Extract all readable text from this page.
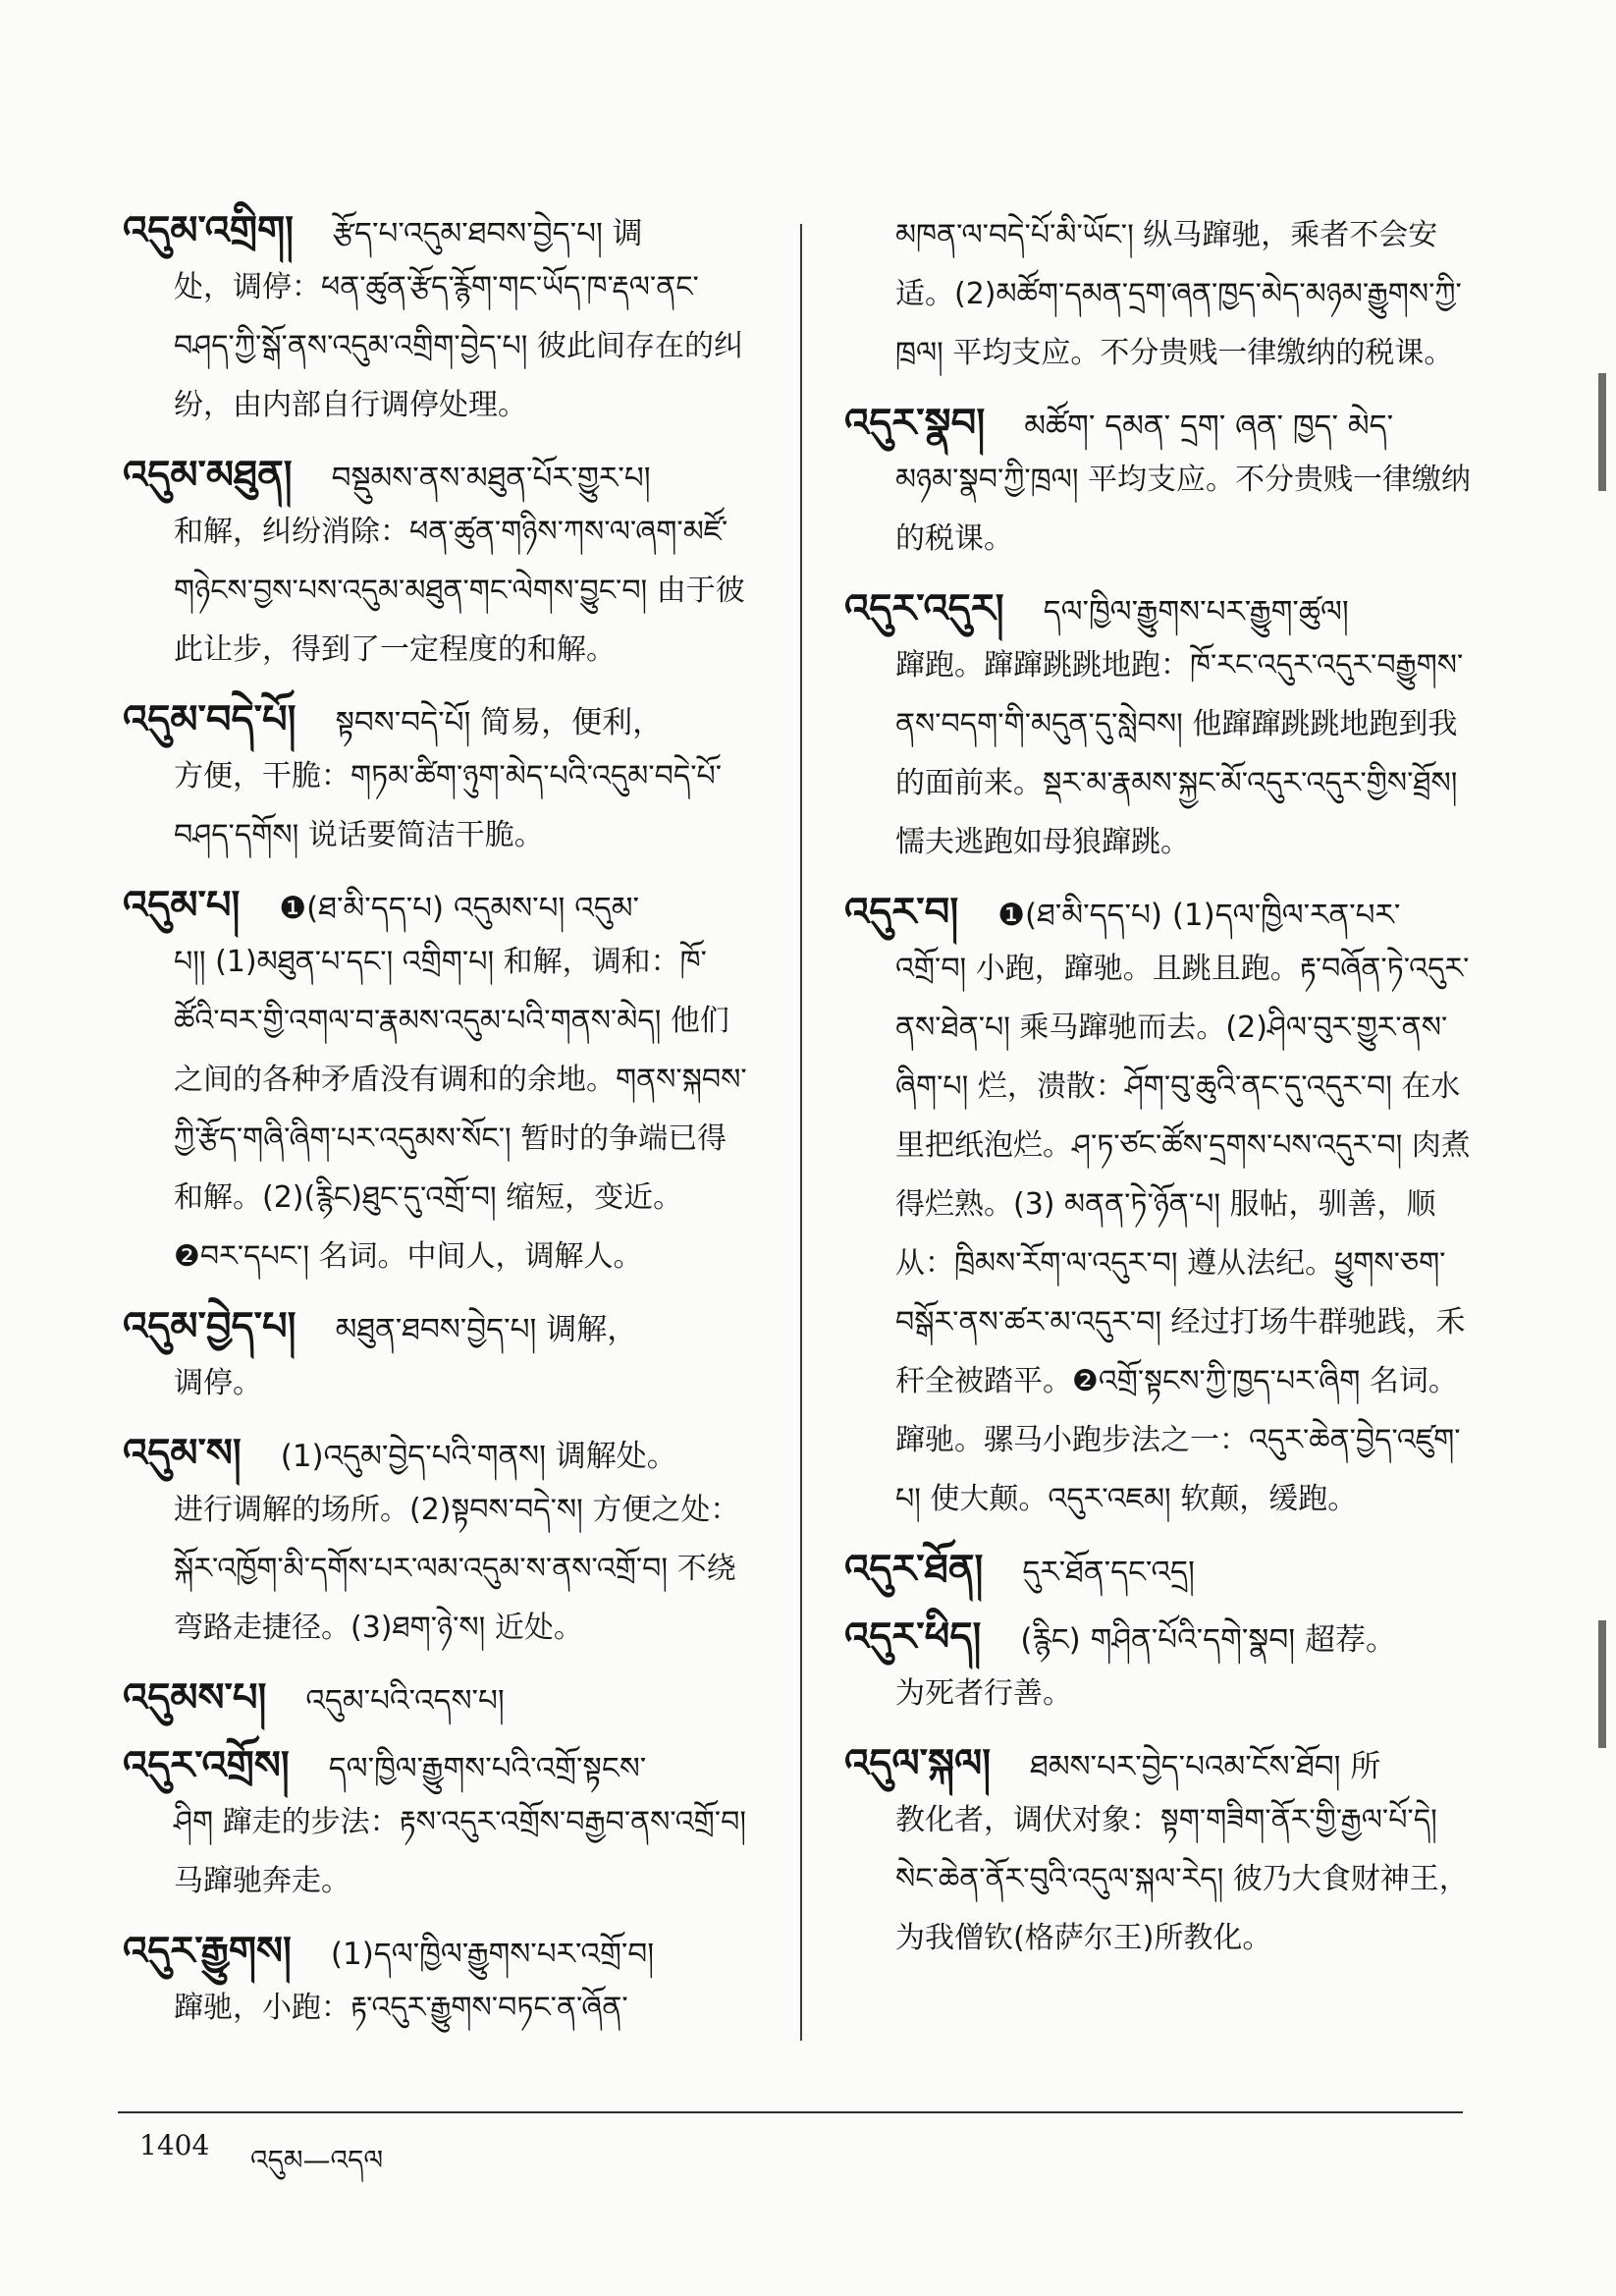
འདུམ་འགྲིག། རྩོད་པ་འདུམ་ཐབས་བྱེད་པ། 调
处，调停：ཕན་ཚུན་རྩོད་རྙོག་གང་ཡོད་ཁ་རྡལ་ནང་བཤད་ཀྱི་སྒོ་ནས་འདུམ་འགྲིག་བྱེད་པ། 彼此间存在的纠纷，由内部自行调停处理。
འདུམ་མཐུན། བསྡུམས་ནས་མཐུན་པོར་གྱུར་པ།
和解，纠纷消除：ཕན་ཚུན་གཉིས་ཀས་ལ་ཞག་མཛོ་གཉེངས་བྱས་པས་འདུམ་མཐུན་གང་ལེགས་བྱུང་བ། 由于彼此让步，得到了一定程度的和解。
འདུམ་བདེ་པོ། སྟབས་བདེ་པོ། 简易，便利，
方便，干脆：གཏམ་ཚིག་ཉུག་མེད་པའི་འདུམ་བདེ་པོ་བཤད་དགོས། 说话要简洁干脆。
འདུམ་པ། ❶(ཐ་མི་དད་པ) འདུམས་པ། འདུམ་
པ།། (1)མཐུན་པ་དང་། འགྲིག་པ། 和解，调和：ཁོ་ཚོའི་བར་གྱི་འགལ་བ་རྣམས་འདུམ་པའི་གནས་མེད། 他们之间的各种矛盾没有调和的余地。གནས་སྐབས་ཀྱི་རྩོད་གཞི་ཞིག་པར་འདུམས་སོང་། 暂时的争端已得和解。(2)(རྙིང)ཐུང་དུ་འགྲོ་བ། 缩短，变近。❷བར་དཔང་། 名词。中间人，调解人。
འདུམ་བྱེད་པ། མཐུན་ཐབས་བྱེད་པ། 调解，
调停。
འདུམ་ས། (1)འདུམ་བྱེད་པའི་གནས། 调解处。
进行调解的场所。(2)སྟབས་བདེ་ས། 方便之处：སྐོར་འཁྱོག་མི་དགོས་པར་ལམ་འདུམ་ས་ནས་འགྲོ་བ། 不绕弯路走捷径。(3)ཐག་ཉེ་ས། 近处。
འདུམས་པ། འདུམ་པའི་འདས་པ།
འདུར་འགྲོས། དལ་ཁྱིལ་རྒྱུགས་པའི་འགྲོ་སྟངས་
ཤིག 蹿走的步法：རྟས་འདུར་འགྲོས་བརྒྱབ་ནས་འགྲོ་བ། 马蹿驰奔走。
འདུར་རྒྱུགས། (1)དལ་ཁྱིལ་རྒྱུགས་པར་འགྲོ་བ།
蹿驰，小跑：རྟ་འདུར་རྒྱུགས་བཏང་ན་ཞོན་
མཁན་ལ་བདེ་པོ་མི་ཡོང་། 纵马蹿驰，乘者不会安适。(2)མཚོག་དམན་དྲག་ཞན་ཁྱད་མེད་མཉམ་རྒྱུགས་ཀྱི་ཁྲལ། 平均支应。不分贵贱一律缴纳的税课。
འདུར་སྣབ། མཚོག་ དམན་ དྲག་ ཞན་ ཁྱད་ མེད་
མཉམ་སྣབ་ཀྱི་ཁྲལ། 平均支应。不分贵贱一律缴纳的税课。
འདུར་འདུར། དལ་ཁྱིལ་རྒྱུགས་པར་རྒྱུག་ཚུལ།
蹿跑。蹿蹿跳跳地跑：ཁོ་རང་འདུར་འདུར་བརྒྱུགས་ནས་བདག་གི་མདུན་དུ་སླེབས། 他蹿蹿跳跳地跑到我的面前来。སྡར་མ་རྣམས་སྐྱང་མོ་འདུར་འདུར་གྱིས་ཐྲོས། 懦夫逃跑如母狼蹿跳。
འདུར་བ། ❶(ཐ་མི་དད་པ) (1)དལ་ཁྱིལ་རན་པར་
འགྲོ་བ། 小跑，蹿驰。且跳且跑。རྟ་བཞོན་ཏེ་འདུར་ནས་ཐེན་པ། 乘马蹿驰而去。(2)ཤིལ་བུར་གྱུར་ནས་ཞིག་པ། 烂，溃散：ཤོག་བུ་ཆུའི་ནང་དུ་འདུར་བ། 在水里把纸泡烂。ཤ་ཏ་ཙང་ཚོས་དྲགས་པས་འདུར་བ། 肉煮得烂熟。(3) མནན་ཏེ་ཉོན་པ། 服帖，驯善，顺从：ཁྲིམས་རོག་ལ་འདུར་བ། 遵从法纪。ཕྱུགས་ཅག་བསྒོར་ནས་ཚར་མ་འདུར་བ། 经过打场牛群驰践，禾秆全被踏平。❷འགྲོ་སྟངས་ཀྱི་ཁྱད་པར་ཞིག 名词。蹿驰。骡马小跑步法之一：འདུར་ཆེན་བྱེད་འཛུག་པ། 使大颠。འདུར་འཇམ། 软颠，缓跑。
འདུར་ཐོན། དུར་ཐོན་དང་འདྲ།
འདུར་ཕིད། (རྙིང) གཤིན་པོའི་དགེ་སྣབ། 超荐。
为死者行善。
འདུལ་སྐལ། ཐམས་པར་བྱེད་པའམ་ངོས་ཐོབ། 所
教化者，调伏对象：སྟག་གཟིག་ནོར་གྱི་རྒྱལ་པོ་དེ། སེང་ཆེན་ནོར་བུའི་འདུལ་སྐལ་རེད། 彼乃大食财神王，为我僧钦(格萨尔王)所教化。
1404 འདུམ—འདལ
